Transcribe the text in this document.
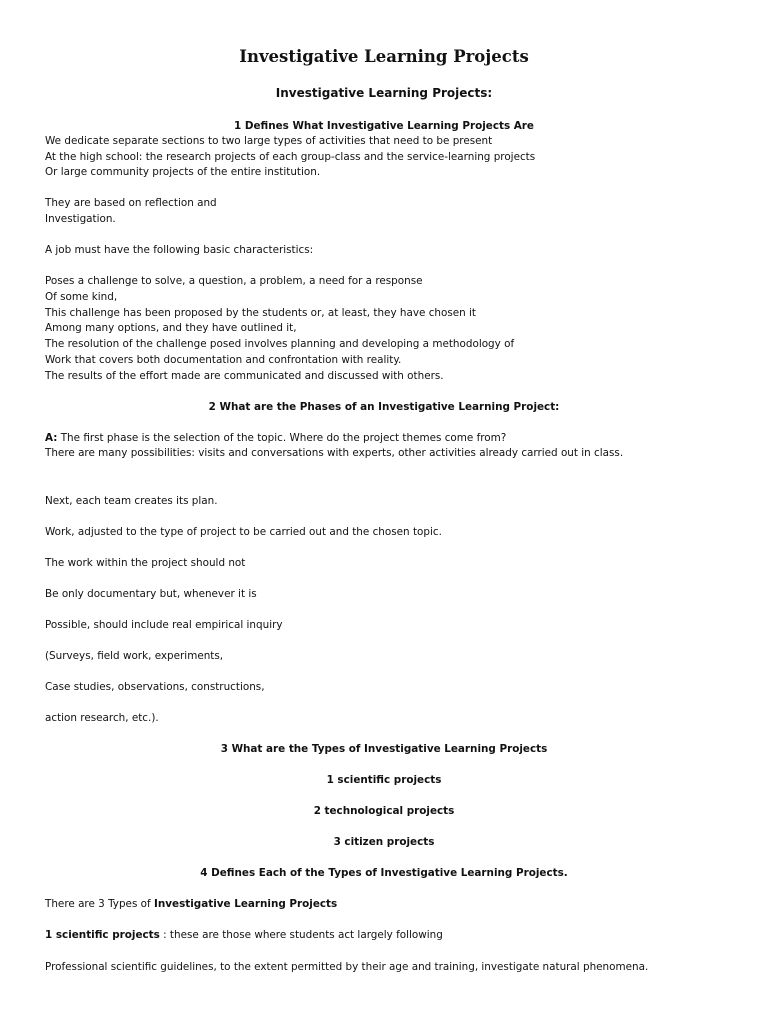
Investigative Learning Projects
Investigative Learning Projects:
1 Defines What Investigative Learning Projects Are
We dedicate separate sections to two large types of activities that need to be present
At the high school: the research projects of each group-class and the service-learning projects
Or large community projects of the entire institution.
They are based on reflection and
Investigation.
A job must have the following basic characteristics:
Poses a challenge to solve, a question, a problem, a need for a response
Of some kind,
This challenge has been proposed by the students or, at least, they have chosen it
Among many options, and they have outlined it,
The resolution of the challenge posed involves planning and developing a methodology of
Work that covers both documentation and confrontation with reality.
The results of the effort made are communicated and discussed with others.
2 What are the Phases of an Investigative Learning Project:
A: The first phase is the selection of the topic. Where do the project themes come from?
There are many possibilities: visits and conversations with experts, other activities already carried out in class.
Next, each team creates its plan.
Work, adjusted to the type of project to be carried out and the chosen topic.
The work within the project should not
Be only documentary but, whenever it is
Possible, should include real empirical inquiry
(Surveys, field work, experiments,
Case studies, observations, constructions,
action research, etc.).
3 What are the Types of Investigative Learning Projects
1 scientific projects
2 technological projects
3 citizen projects
4 Defines Each of the Types of Investigative Learning Projects.
There are 3 Types of Investigative Learning Projects
1 scientific projects : these are those where students act largely following
Professional scientific guidelines, to the extent permitted by their age and training, investigate natural phenomena.
